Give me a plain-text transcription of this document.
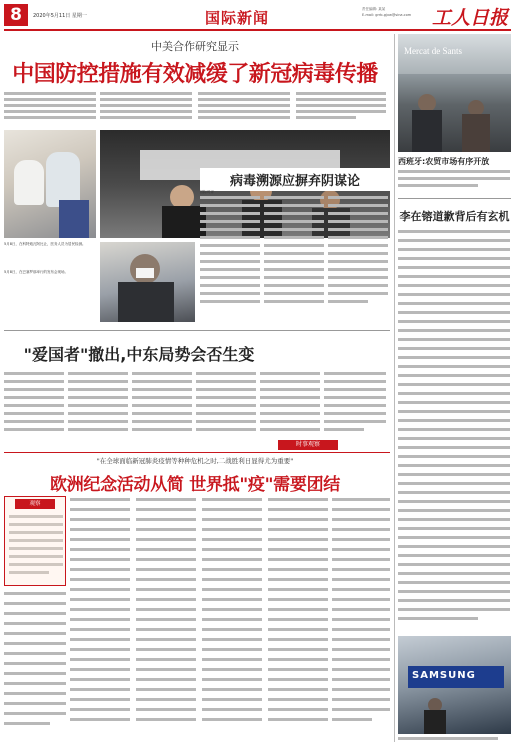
8	2020年5月11日 星期一	国际新闻	责任编辑: 某某
E-mail: grrb-gjxw@sina.com 工人日报
中美合作研究显示
中国防控措施有效减缓了新冠病毒传播
5月8日，在科特迪瓦阿比让，医务人员为居民检测。
病毒溯源应摒弃阴谋论
国际时评
5月8日，在巴塞罗那举行的发布会现场。
"爱国者"撤出,中东局势会否生变
时事观察
"在全球面临新冠肺炎疫情等种种危机之时,二战胜利日显得尤为重要"
欧洲纪念活动从简 世界抵"疫"需要团结
观察
Mercat de Sants
西班牙:农贸市场有序开放
李在镕道歉背后有玄机
SAMSUNG
